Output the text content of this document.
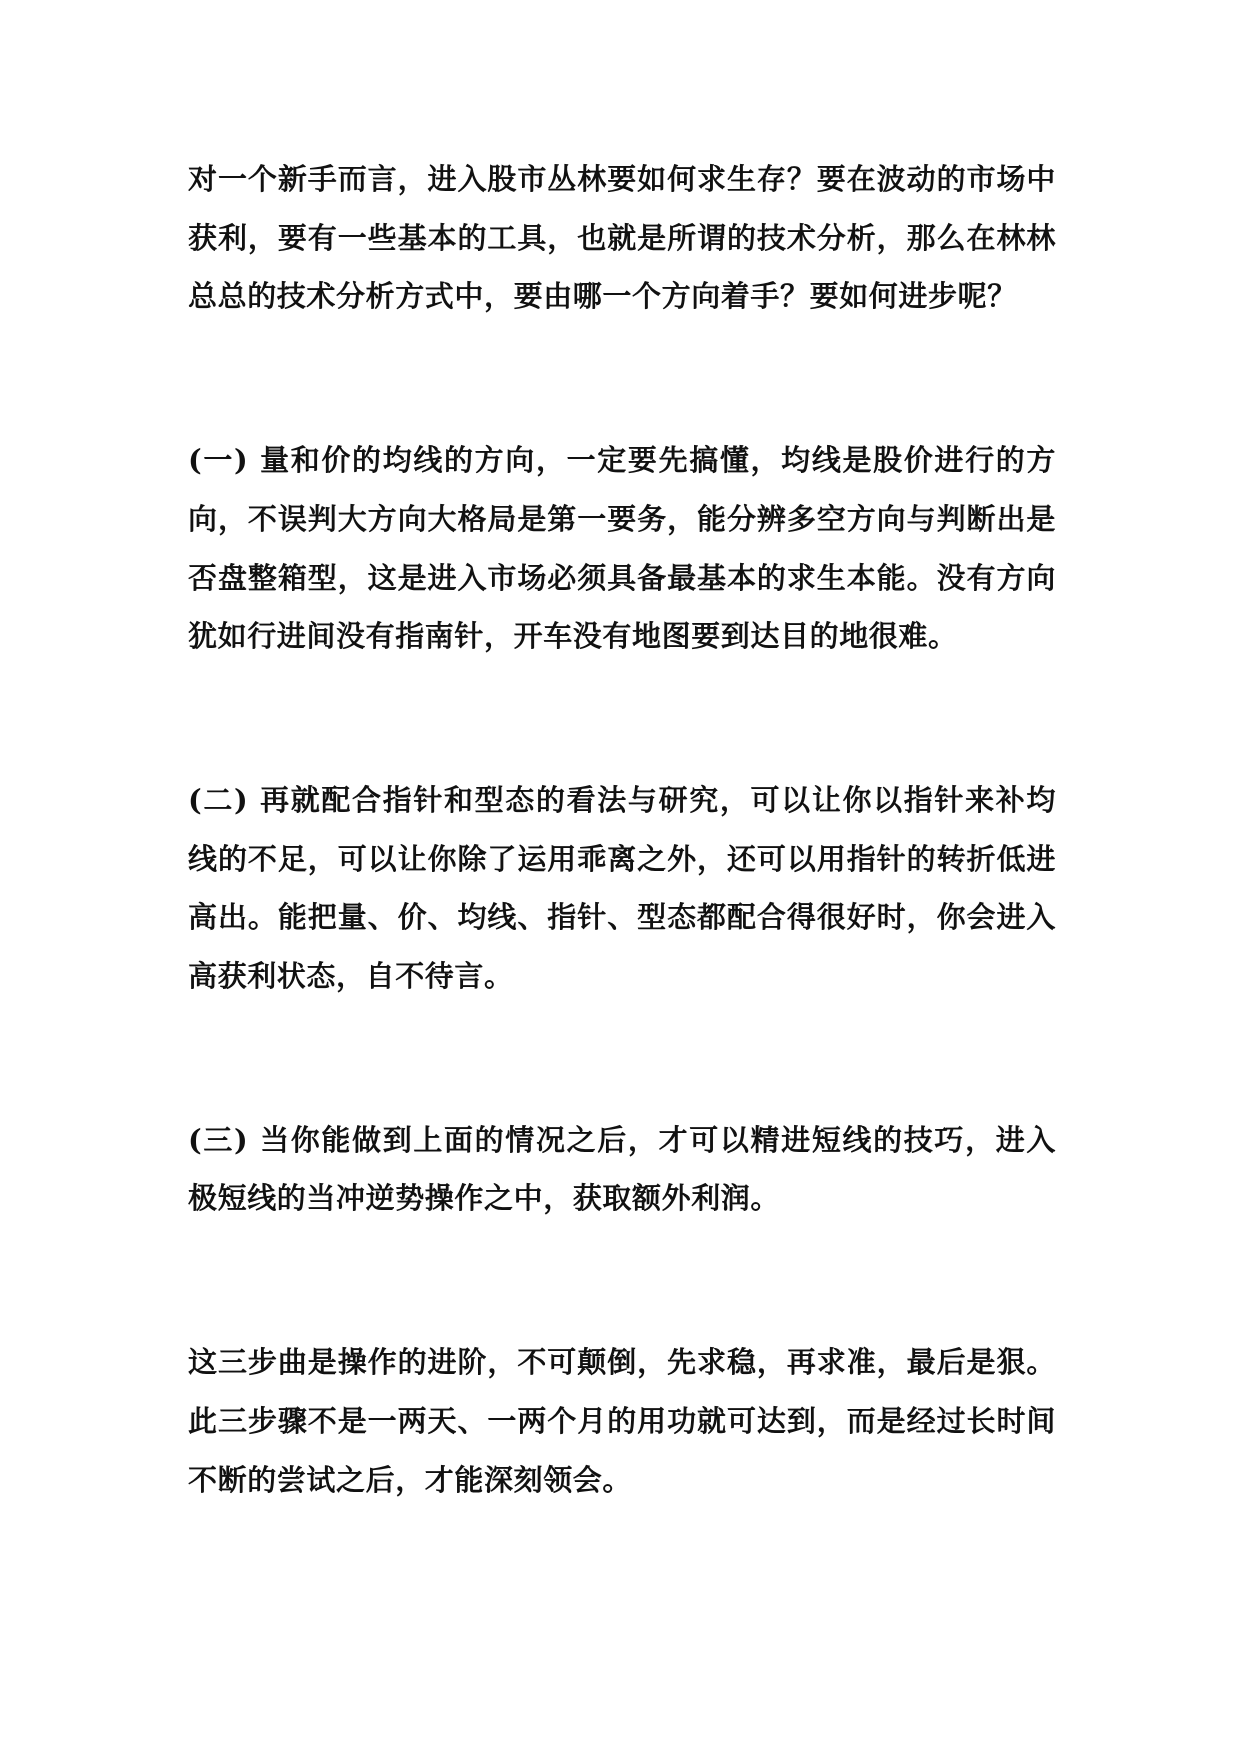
对一个新手而言，进入股市丛林要如何求生存？要在波动的市场中获利，要有一些基本的工具，也就是所谓的技术分析，那么在林林总总的技术分析方式中，要由哪一个方向着手？要如何进步呢？

(一) 量和价的均线的方向，一定要先搞懂，均线是股价进行的方向，不误判大方向大格局是第一要务，能分辨多空方向与判断出是否盘整箱型，这是进入市场必须具备最基本的求生本能。没有方向犹如行进间没有指南针，开车没有地图要到达目的地很难。

(二) 再就配合指针和型态的看法与研究，可以让你以指针来补均线的不足，可以让你除了运用乖离之外，还可以用指针的转折低进高出。能把量、价、均线、指针、型态都配合得很好时，你会进入高获利状态，自不待言。

(三) 当你能做到上面的情况之后，才可以精进短线的技巧，进入极短线的当冲逆势操作之中，获取额外利润。

这三步曲是操作的进阶，不可颠倒，先求稳，再求准，最后是狠。此三步骤不是一两天、一两个月的用功就可达到，而是经过长时间不断的尝试之后，才能深刻领会。
